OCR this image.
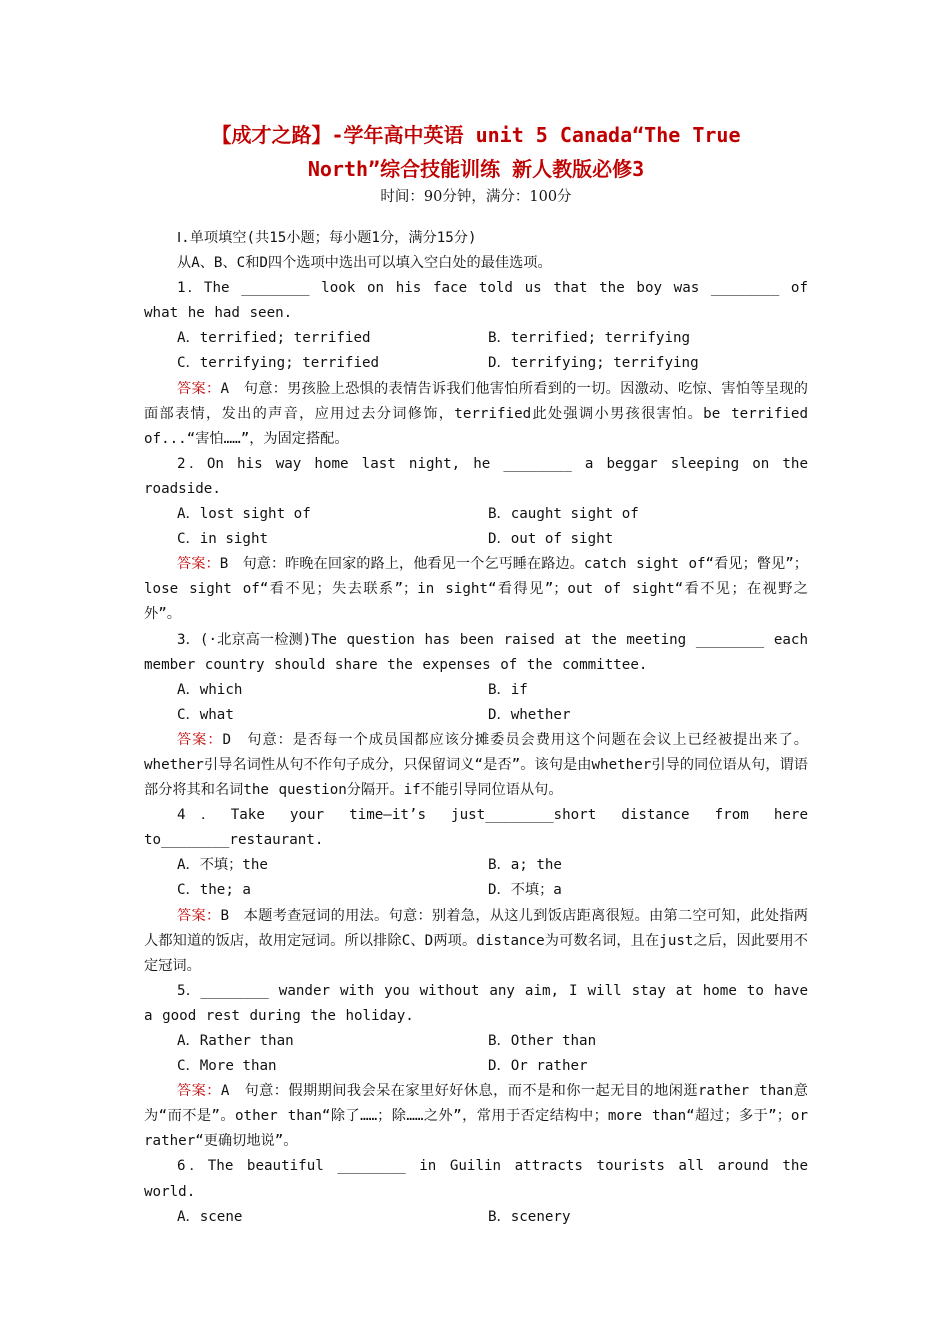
【成才之路】-学年高中英语 unit 5 Canada“The True

North”综合技能训练 新人教版必修3

时间：90分钟，满分：100分

Ⅰ.单项填空(共15小题；每小题1分，满分15分)

从A、B、C和D四个选项中选出可以填入空白处的最佳选项。

1．The ________ look on his face told us that the boy was ________ of what he had seen.

A．terrified; terrified	B．terrified; terrifying
C．terrifying; terrified	D．terrifying; terrifying

答案：A　句意：男孩脸上恐惧的表情告诉我们他害怕所看到的一切。因激动、吃惊、害怕等呈现的面部表情，发出的声音，应用过去分词修饰，terrified此处强调小男孩很害怕。be terrified of...“害怕……”，为固定搭配。

2．On his way home last night, he ________ a beggar sleeping on the roadside.

A．lost sight of	B．caught sight of
C．in sight	D．out of sight

答案：B　句意：昨晚在回家的路上，他看见一个乞丐睡在路边。catch sight of“看见；瞥见”；lose sight of“看不见；失去联系”；in sight“看得见”；out of sight“看不见；在视野之外”。

3．(·北京高一检测)The question has been raised at the meeting ________ each member country should share the expenses of the committee.

A．which	B．if
C．what	D．whether

答案：D　句意：是否每一个成员国都应该分摊委员会费用这个问题在会议上已经被提出来了。whether引导名词性从句不作句子成分，只保留词义“是否”。该句是由whether引导的同位语从句，谓语部分将其和名词the question分隔开。if不能引导同位语从句。

4．Take your time—it’s just________short distance from here to________restaurant.

A．不填；the	B．a; the
C．the; a	D．不填；a

答案：B　本题考查冠词的用法。句意：别着急，从这儿到饭店距离很短。由第二空可知，此处指两人都知道的饭店，故用定冠词。所以排除C、D两项。distance为可数名词，且在just之后，因此要用不定冠词。

5．________ wander with you without any aim, I will stay at home to have a good rest during the holiday.

A．Rather than	B．Other than
C．More than	D．Or rather

答案：A　句意：假期期间我会呆在家里好好休息，而不是和你一起无目的地闲逛rather than意为“而不是”。other than“除了……；除……之外”，常用于否定结构中；more than“超过；多于”；or rather“更确切地说”。

6．The beautiful ________ in Guilin attracts tourists all around the world.

A．scene	B．scenery
